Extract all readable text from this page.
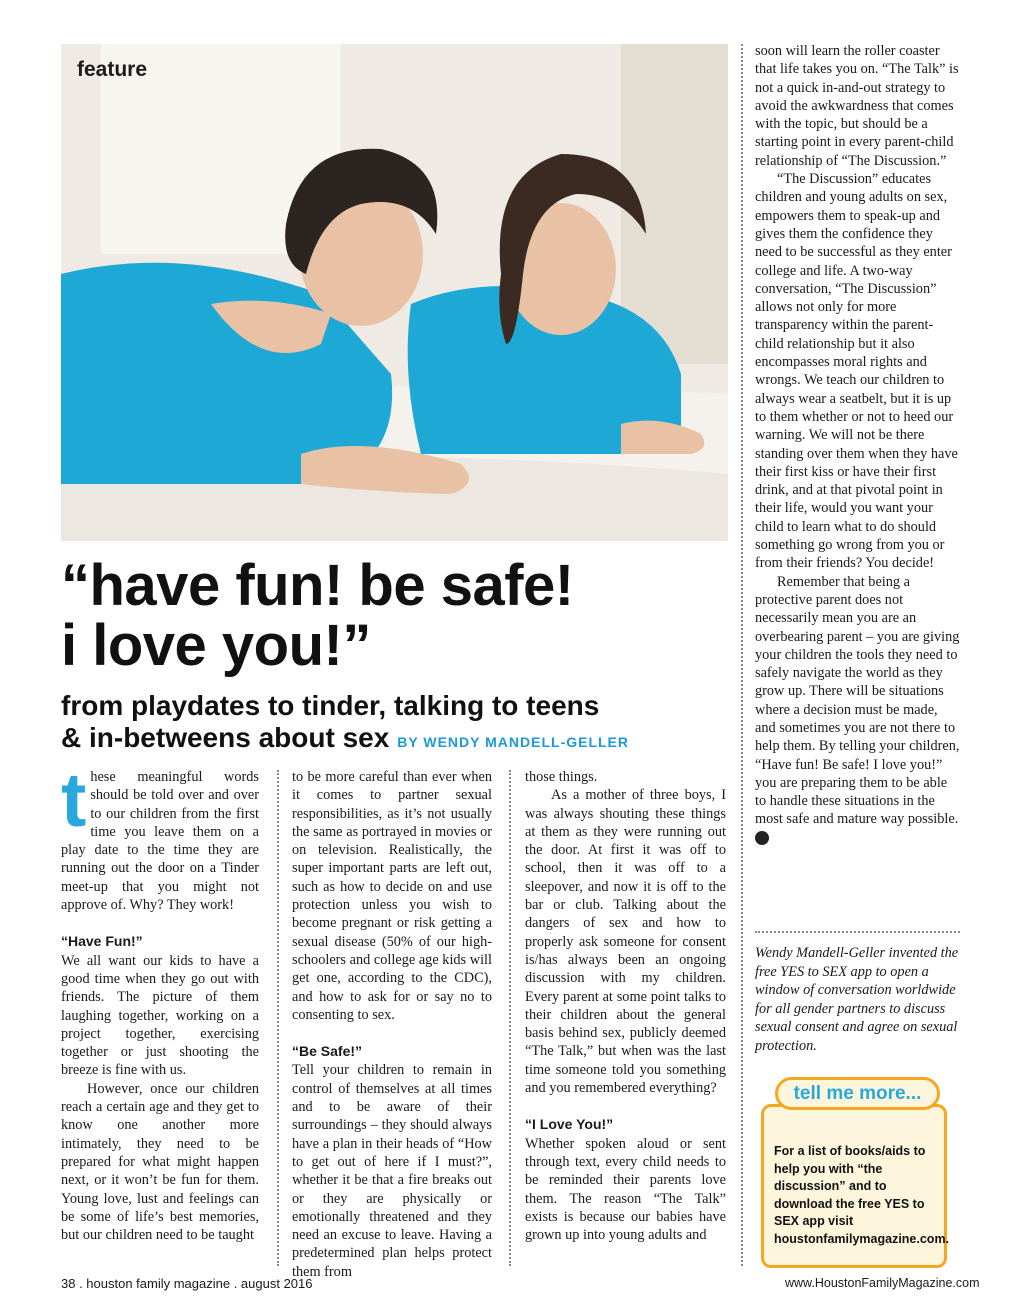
feature
“have fun! be safe!
i love you!”
from playdates to tinder, talking to teens
& in-betweens about sex BY WENDY MANDELL-GELLER

these meaningful words should be told over and over to our children from the first time you leave them on a play date to the time they are running out the door on a Tinder meet-up that you might not approve of. Why? They work!

“Have Fun!”

We all want our kids to have a good time when they go out with friends. The picture of them laughing together, working on a project together, exercising together or just shooting the breeze is fine with us.

However, once our children reach a certain age and they get to know one another more intimately, they need to be prepared for what might happen next, or it won’t be fun for them. Young love, lust and feelings can be some of life’s best memories, but our children need to be taught

to be more careful than ever when it comes to partner sexual responsibilities, as it’s not usually the same as portrayed in movies or on television. Realistically, the super important parts are left out, such as how to decide on and use protection unless you wish to become pregnant or risk getting a sexual disease (50% of our high-schoolers and college age kids will get one, according to the CDC), and how to ask for or say no to consenting to sex.

“Be Safe!”

Tell your children to remain in control of themselves at all times and to be aware of their surroundings – they should always have a plan in their heads of “How to get out of here if I must?”, whether it be that a fire breaks out or they are physically or emotionally threatened and they need an excuse to leave. Having a predetermined plan helps protect them from

those things.

As a mother of three boys, I was always shouting these things at them as they were running out the door. At first it was off to school, then it was off to a sleepover, and now it is off to the bar or club. Talking about the dangers of sex and how to properly ask someone for consent is/has always been an ongoing discussion with my children. Every parent at some point talks to their children about the general basis behind sex, publicly deemed “The Talk,” but when was the last time someone told you something and you remembered everything?

“I Love You!”

Whether spoken aloud or sent through text, every child needs to be reminded their parents love them. The reason “The Talk” exists is because our babies have grown up into young adults and

soon will learn the roller coaster that life takes you on. “The Talk” is not a quick in-and-out strategy to avoid the awkwardness that comes with the topic, but should be a starting point in every parent-child relationship of “The Discussion.”

“The Discussion” educates children and young adults on sex, empowers them to speak-up and gives them the confidence they need to be successful as they enter college and life. A two-way conversation, “The Discussion” allows not only for more transparency within the parent-child relationship but it also encompasses moral rights and wrongs. We teach our children to always wear a seatbelt, but it is up to them whether or not to heed our warning. We will not be there standing over them when they have their first kiss or have their first drink, and at that pivotal point in their life, would you want your child to learn what to do should something go wrong from you or from their friends? You decide!

Remember that being a protective parent does not necessarily mean you are an overbearing parent – you are giving your children the tools they need to safely navigate the world as they grow up. There will be situations where a decision must be made, and sometimes you are not there to help them. By telling your children, “Have fun! Be safe! I love you!” you are preparing them to be able to handle these situations in the most safe and mature way possible. HFM

Wendy Mandell-Geller invented the free YES to SEX app to open a window of conversation worldwide for all gender partners to discuss sexual consent and agree on sexual protection.
tell me more...
For a list of books/aids to help you with “the discussion” and to download the free YES to SEX app visit houstonfamilymagazine.com.
38 . houston family magazine . august 2016	www.HoustonFamilyMagazine.com
